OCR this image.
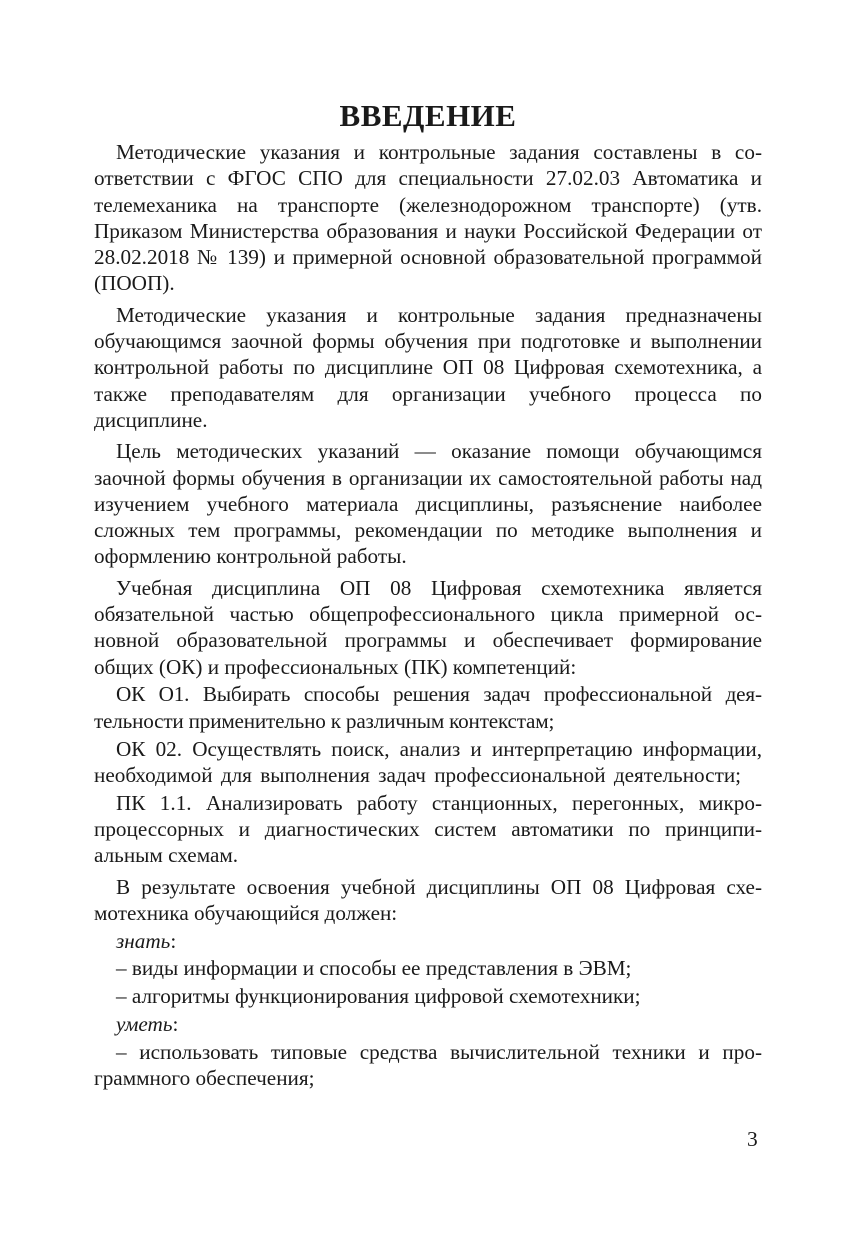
ВВЕДЕНИЕ

Методические указания и контрольные задания составлены в соответствии с ФГОС СПО для специальности 27.02.03 Автоматика и телемеханика на транспорте (железнодорожном транспорте) (утв. Приказом Министерства образования и науки Российской Федерации от 28.02.2018 № 139) и примерной основной образовательной программой (ПООП).

Методические указания и контрольные задания предназначены обучающимся заочной формы обучения при подготовке и выполнении контрольной работы по дисциплине ОП 08 Цифровая схемотехника, а также преподавателям для организации учебного процесса по дисциплине.

Цель методических указаний — оказание помощи обучающимся заочной формы обучения в организации их самостоятельной работы над изучением учебного материала дисциплины, разъяснение наиболее сложных тем программы, рекомендации по методике выполнения и оформлению контрольной работы.

Учебная дисциплина ОП 08 Цифровая схемотехника является обязательной частью общепрофессионального цикла примерной основной образовательной программы и обеспечивает формирование общих (ОК) и профессиональных (ПК) компетенций:

ОК О1. Выбирать способы решения задач профессиональной деятельности применительно к различным контекстам;

ОК 02. Осуществлять поиск, анализ и интерпретацию информации, необходимой для выполнения задач профессиональной деятельности;

ПК 1.1. Анализировать работу станционных, перегонных, микропроцессорных и диагностических систем автоматики по принципиальным схемам.

В результате освоения учебной дисциплины ОП 08 Цифровая схемотехника обучающийся должен:

знать:

– виды информации и способы ее представления в ЭВМ;

– алгоритмы функционирования цифровой схемотехники;

уметь:

– использовать типовые средства вычислительной техники и программного обеспечения;

3
